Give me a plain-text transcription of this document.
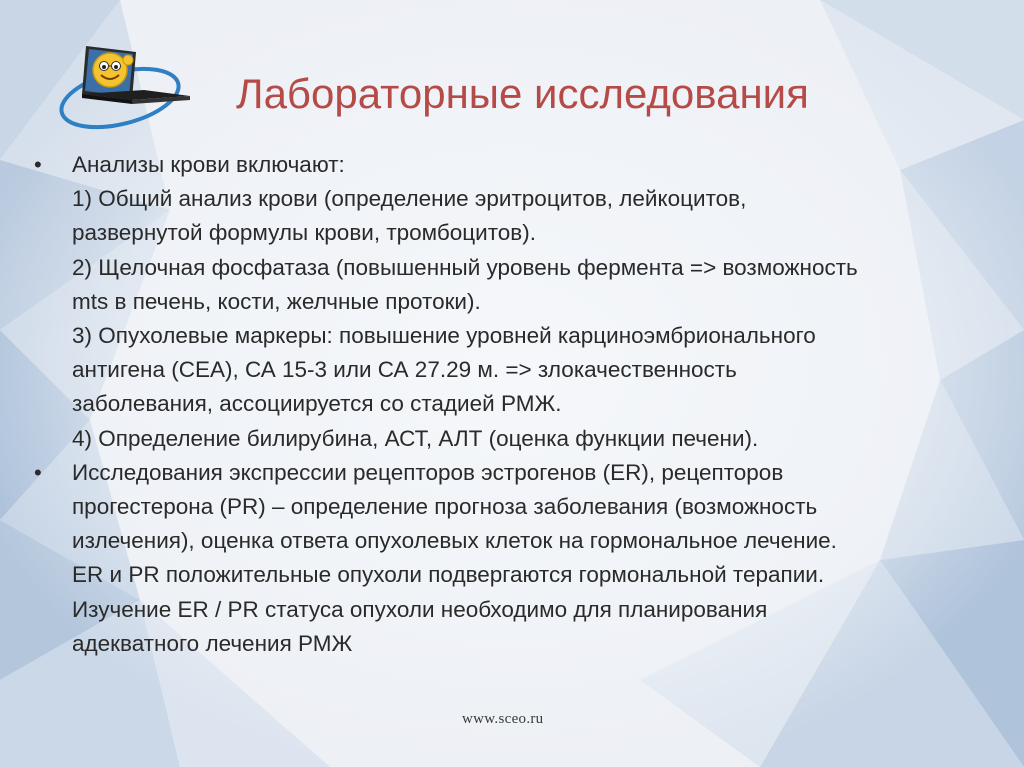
Лабораторные исследования
•	Анализы крови включают:
1) Общий анализ крови (определение эритроцитов, лейкоцитов,
развернутой формулы крови, тромбоцитов).
2) Щелочная фосфатаза (повышенный уровень фермента => возможность
mts в печень, кости, желчные протоки).
3) Опухолевые маркеры: повышение уровней карциноэмбрионального
антигена (СЕА), СА 15-3 или СА 27.29 м. => злокачественность
заболевания, ассоциируется со стадией РМЖ.
4) Определение билирубина, АСТ, АЛТ (оценка функции печени).
•	Исследования экспрессии рецепторов эстрогенов (ER), рецепторов
прогестерона (PR) – определение прогноза заболевания (возможность
излечения), оценка ответа опухолевых клеток на гормональное лечение.
ER и PR положительные опухоли подвергаются гормональной терапии.
Изучение ER / PR статуса опухоли необходимо для планирования
адекватного лечения РМЖ
www.sceo.ru
